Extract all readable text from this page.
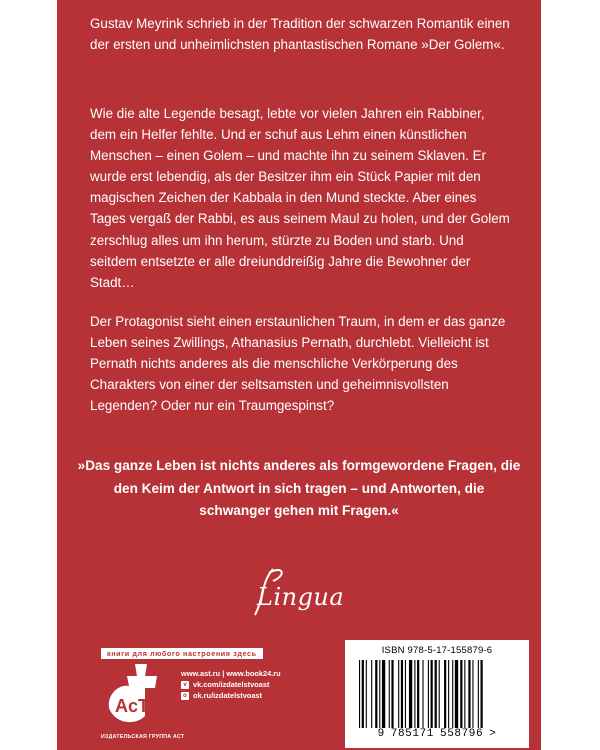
Gustav Meyrink schrieb in der Tradition der schwarzen Romantik einen der ersten und unheimlichsten phantastischen Romane »Der Golem«.

Wie die alte Legende besagt, lebte vor vielen Jahren ein Rabbiner, dem ein Helfer fehlte. Und er schuf aus Lehm einen künstlichen Menschen – einen Golem – und machte ihn zu seinem Sklaven. Er wurde erst lebendig, als der Besitzer ihm ein Stück Papier mit den magischen Zeichen der Kabbala in den Mund steckte. Aber eines Tages vergaß der Rabbi, es aus seinem Maul zu holen, und der Golem zerschlug alles um ihn herum, stürzte zu Boden und starb. Und seitdem entsetzte er alle dreiunddreißig Jahre die Bewohner der Stadt…

Der Protagonist sieht einen erstaunlichen Traum, in dem er das ganze Leben seines Zwillings, Athanasius Pernath, durchlebt. Vielleicht ist Pernath nichts anderes als die menschliche Verkörperung des Charakters von einer der seltsamsten und geheimnisvollsten Legenden? Oder nur ein Traumgespinst?

»Das ganze Leben ist nichts anderes als formgewordene Fragen, die den Keim der Antwort in sich tragen – und Antworten, die schwanger gehen mit Fragen.«

Lingua
книги для любого настроения здесь
AcT
ИЗДАТЕЛЬСКАЯ ГРУППА АСТ
www.ast.ru | www.book24.ru
v vk.com/izdatelstvoast
o ok.ru/izdatelstvoast
ISBN 978-5-17-155879-6
9 785171 558796 >
